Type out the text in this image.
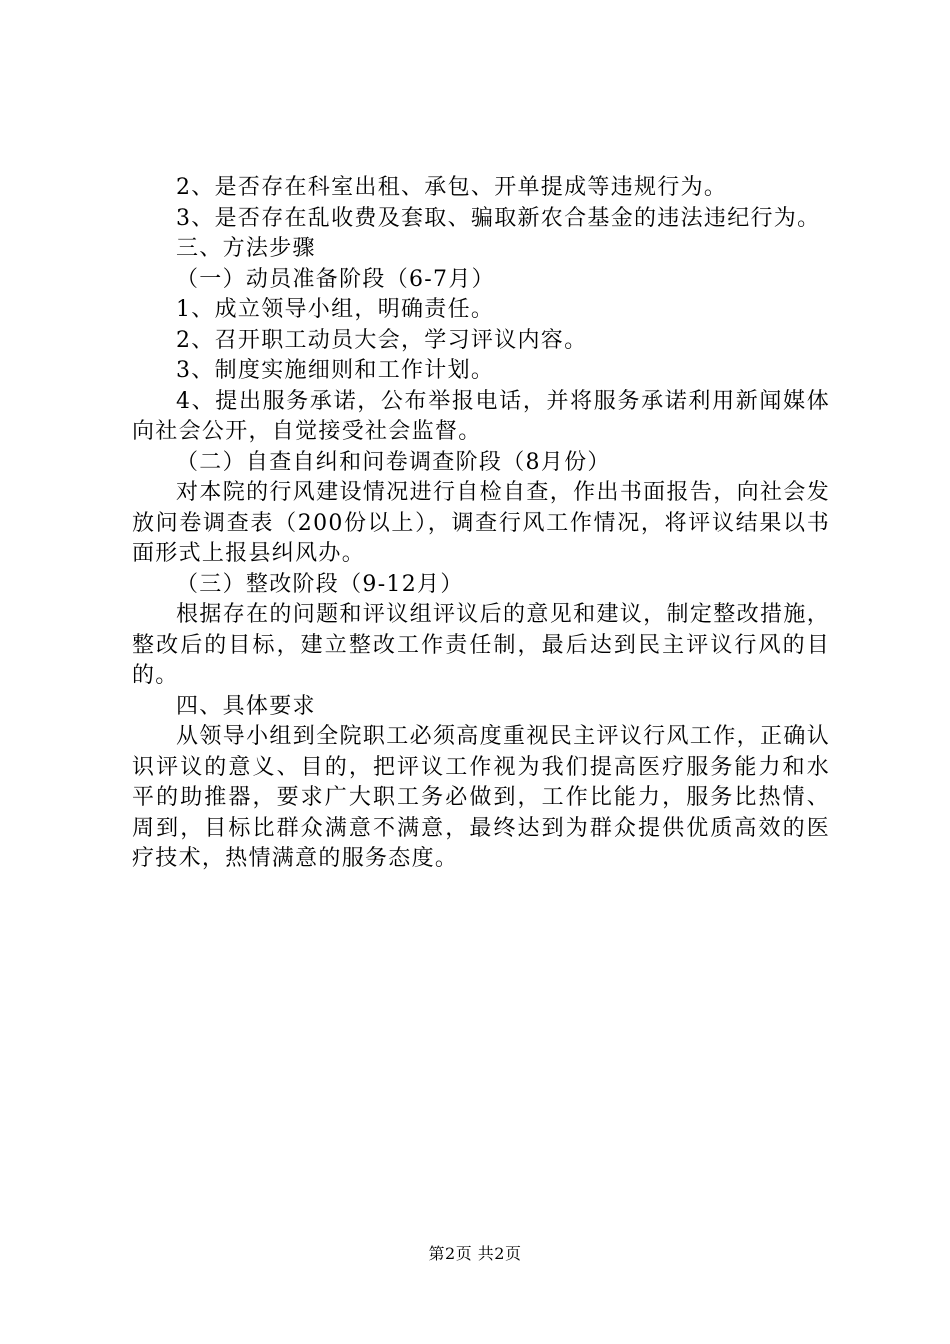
2、是否存在科室出租、承包、开单提成等违规行为。

3、是否存在乱收费及套取、骗取新农合基金的违法违纪行为。

三、方法步骤

（一）动员准备阶段（6-7月）

1、成立领导小组，明确责任。

2、召开职工动员大会，学习评议内容。

3、制度实施细则和工作计划。

4、提出服务承诺，公布举报电话，并将服务承诺利用新闻媒体向社会公开，自觉接受社会监督。

（二）自查自纠和问卷调查阶段（8月份）

对本院的行风建设情况进行自检自查，作出书面报告，向社会发放问卷调查表（200份以上），调查行风工作情况，将评议结果以书面形式上报县纠风办。

（三）整改阶段（9-12月）

根据存在的问题和评议组评议后的意见和建议，制定整改措施，整改后的目标，建立整改工作责任制，最后达到民主评议行风的目的。

四、具体要求

从领导小组到全院职工必须高度重视民主评议行风工作，正确认识评议的意义、目的，把评议工作视为我们提高医疗服务能力和水平的助推器，要求广大职工务必做到，工作比能力，服务比热情、周到，目标比群众满意不满意，最终达到为群众提供优质高效的医疗技术，热情满意的服务态度。

第2页 共2页
